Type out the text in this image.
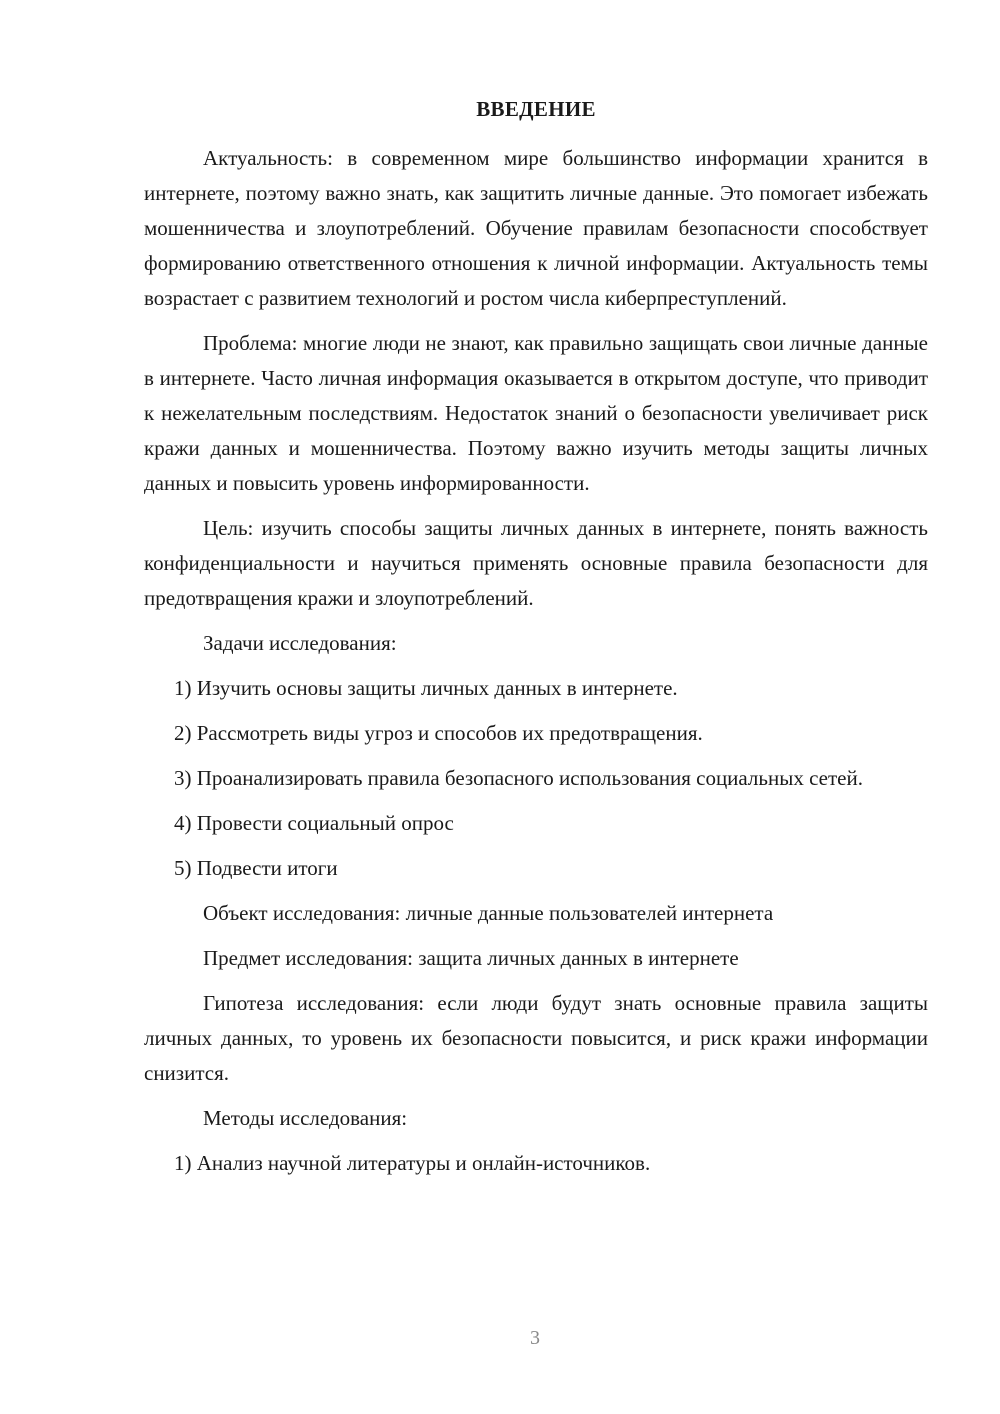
ВВЕДЕНИЕ

Актуальность: в современном мире большинство информации хранится в интернете, поэтому важно знать, как защитить личные данные. Это помогает избежать мошенничества и злоупотреблений. Обучение правилам безопасности способствует формированию ответственного отношения к личной информации. Актуальность темы возрастает с развитием технологий и ростом числа киберпреступлений.

Проблема: многие люди не знают, как правильно защищать свои личные данные в интернете. Часто личная информация оказывается в открытом доступе, что приводит к нежелательным последствиям. Недостаток знаний о безопасности увеличивает риск кражи данных и мошенничества. Поэтому важно изучить методы защиты личных данных и повысить уровень информированности.

Цель: изучить способы защиты личных данных в интернете, понять важность конфиденциальности и научиться применять основные правила безопасности для предотвращения кражи и злоупотреблений.

Задачи исследования:

1) Изучить основы защиты личных данных в интернете.

2) Рассмотреть виды угроз и способов их предотвращения.

3) Проанализировать правила безопасного использования социальных сетей.

4) Провести социальный опрос

5) Подвести итоги

Объект исследования: личные данные пользователей интернета

Предмет исследования: защита личных данных в интернете

Гипотеза исследования: если люди будут знать основные правила защиты личных данных, то уровень их безопасности повысится, и риск кражи информации снизится.

Методы исследования:

1) Анализ научной литературы и онлайн-источников.

3
